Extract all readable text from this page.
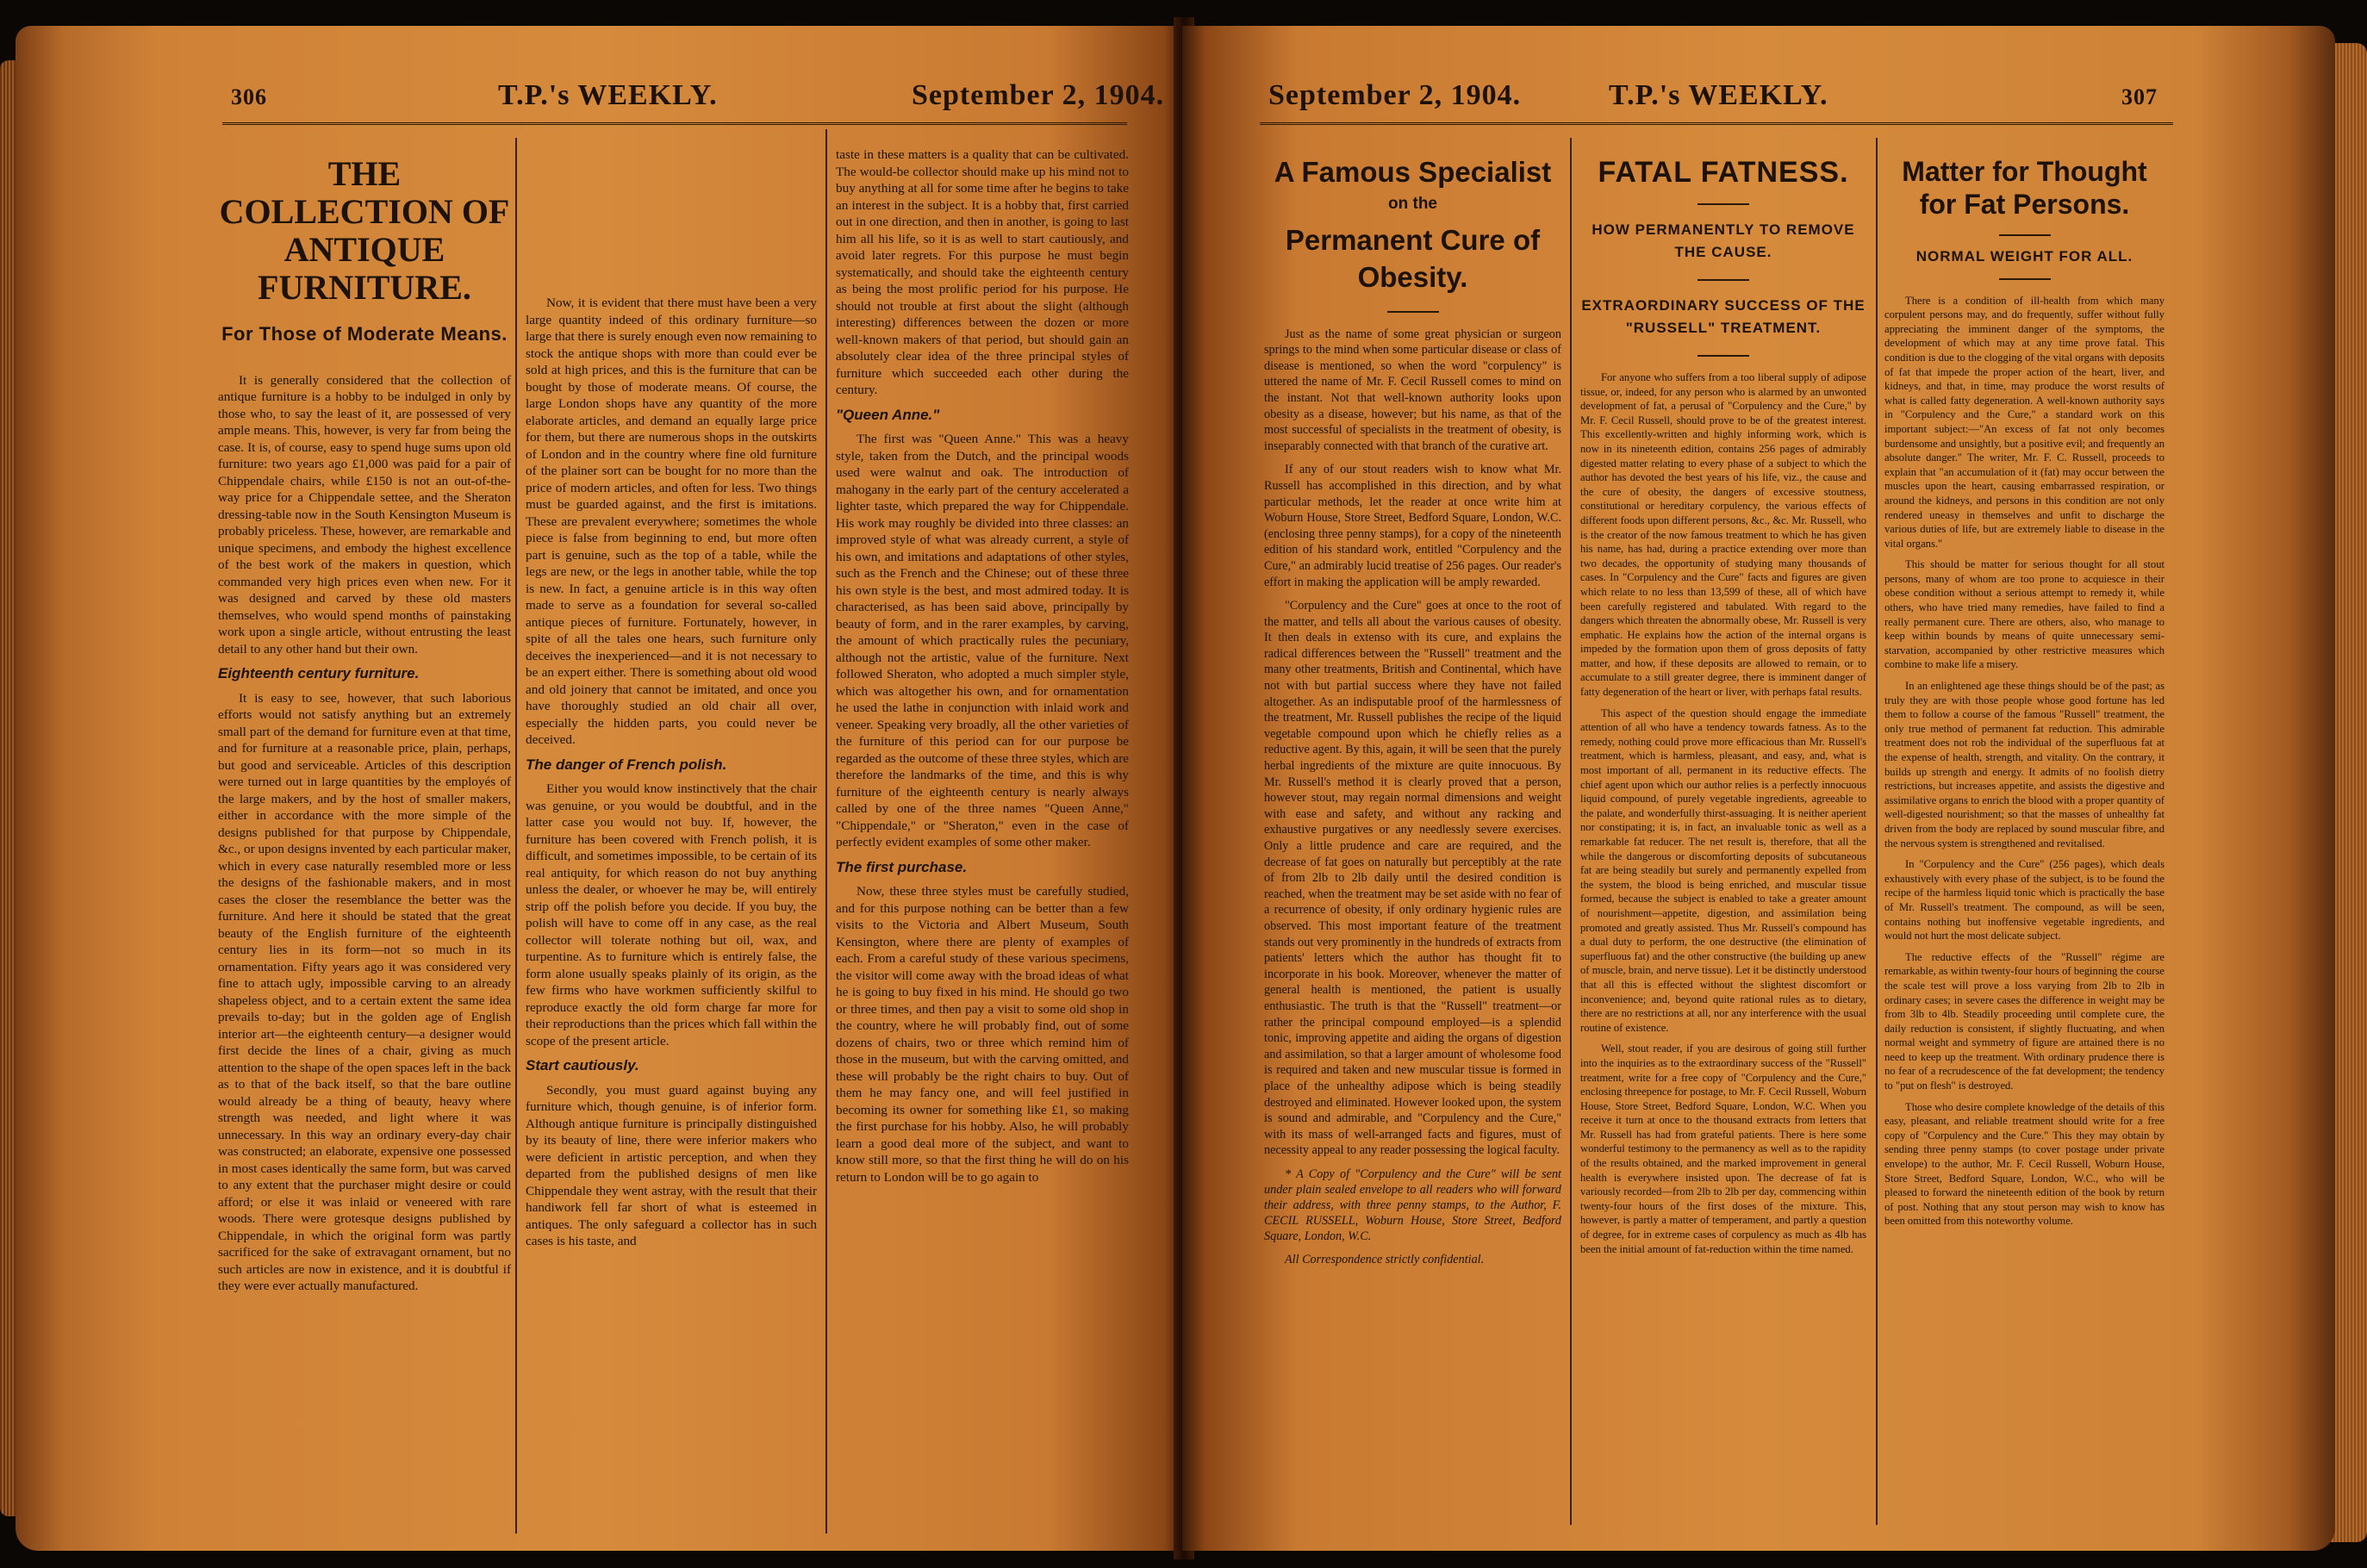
306	T.P.'s WEEKLY.	September 2, 1904.
THE COLLECTION OF ANTIQUE FURNITURE.
For Those of Moderate Means.

It is generally considered that the collection of antique furniture is a hobby to be indulged in only by those who, to say the least of it, are possessed of very ample means. This, however, is very far from being the case. It is, of course, easy to spend huge sums upon old furniture: two years ago £1,000 was paid for a pair of Chippendale chairs, while £150 is not an out-of-the-way price for a Chippendale settee, and the Sheraton dressing-table now in the South Kensington Museum is probably priceless. These, however, are remarkable and unique specimens, and embody the highest excellence of the best work of the makers in question, which commanded very high prices even when new. For it was designed and carved by these old masters themselves, who would spend months of painstaking work upon a single article, without entrusting the least detail to any other hand but their own.

Eighteenth century furniture.

It is easy to see, however, that such laborious efforts would not satisfy anything but an extremely small part of the demand for furniture even at that time, and for furniture at a reasonable price, plain, perhaps, but good and serviceable. Articles of this description were turned out in large quantities by the employés of the large makers, and by the host of smaller makers, either in accordance with the more simple of the designs published for that purpose by Chippendale, &c., or upon designs invented by each particular maker, which in every case naturally resembled more or less the designs of the fashionable makers, and in most cases the closer the resemblance the better was the furniture. And here it should be stated that the great beauty of the English furniture of the eighteenth century lies in its form—not so much in its ornamentation. Fifty years ago it was considered very fine to attach ugly, impossible carving to an already shapeless object, and to a certain extent the same idea prevails to-day; but in the golden age of English interior art—the eighteenth century—a designer would first decide the lines of a chair, giving as much attention to the shape of the open spaces left in the back as to that of the back itself, so that the bare outline would already be a thing of beauty, heavy where strength was needed, and light where it was unnecessary. In this way an ordinary every-day chair was constructed; an elaborate, expensive one possessed in most cases identically the same form, but was carved to any extent that the purchaser might desire or could afford; or else it was inlaid or veneered with rare woods. There were grotesque designs published by Chippendale, in which the original form was partly sacrificed for the sake of extravagant ornament, but no such articles are now in existence, and it is doubtful if they were ever actually manufactured.

Now, it is evident that there must have been a very large quantity indeed of this ordinary furniture—so large that there is surely enough even now remaining to stock the antique shops with more than could ever be sold at high prices, and this is the furniture that can be bought by those of moderate means. Of course, the large London shops have any quantity of the more elaborate articles, and demand an equally large price for them, but there are numerous shops in the outskirts of London and in the country where fine old furniture of the plainer sort can be bought for no more than the price of modern articles, and often for less. Two things must be guarded against, and the first is imitations. These are prevalent everywhere; sometimes the whole piece is false from beginning to end, but more often part is genuine, such as the top of a table, while the legs are new, or the legs in another table, while the top is new. In fact, a genuine article is in this way often made to serve as a foundation for several so-called antique pieces of furniture. Fortunately, however, in spite of all the tales one hears, such furniture only deceives the inexperienced—and it is not necessary to be an expert either. There is something about old wood and old joinery that cannot be imitated, and once you have thoroughly studied an old chair all over, especially the hidden parts, you could never be deceived.

The danger of French polish.

Either you would know instinctively that the chair was genuine, or you would be doubtful, and in the latter case you would not buy. If, however, the furniture has been covered with French polish, it is difficult, and sometimes impossible, to be certain of its real antiquity, for which reason do not buy anything unless the dealer, or whoever he may be, will entirely strip off the polish before you decide. If you buy, the polish will have to come off in any case, as the real collector will tolerate nothing but oil, wax, and turpentine. As to furniture which is entirely false, the form alone usually speaks plainly of its origin, as the few firms who have workmen sufficiently skilful to reproduce exactly the old form charge far more for their reproductions than the prices which fall within the scope of the present article.

Start cautiously.

Secondly, you must guard against buying any furniture which, though genuine, is of inferior form. Although antique furniture is principally distinguished by its beauty of line, there were inferior makers who were deficient in artistic perception, and when they departed from the published designs of men like Chippendale they went astray, with the result that their handiwork fell far short of what is esteemed in antiques. The only safeguard a collector has in such cases is his taste, and

taste in these matters is a quality that can be cultivated. The would-be collector should make up his mind not to buy anything at all for some time after he begins to take an interest in the subject. It is a hobby that, first carried out in one direction, and then in another, is going to last him all his life, so it is as well to start cautiously, and avoid later regrets. For this purpose he must begin systematically, and should take the eighteenth century as being the most prolific period for his purpose. He should not trouble at first about the slight (although interesting) differences between the dozen or more well-known makers of that period, but should gain an absolutely clear idea of the three principal styles of furniture which succeeded each other during the century.

"Queen Anne."

The first was "Queen Anne." This was a heavy style, taken from the Dutch, and the principal woods used were walnut and oak. The introduction of mahogany in the early part of the century accelerated a lighter taste, which prepared the way for Chippendale. His work may roughly be divided into three classes: an improved style of what was already current, a style of his own, and imitations and adaptations of other styles, such as the French and the Chinese; out of these three his own style is the best, and most admired today. It is characterised, as has been said above, principally by beauty of form, and in the rarer examples, by carving, the amount of which practically rules the pecuniary, although not the artistic, value of the furniture. Next followed Sheraton, who adopted a much simpler style, which was altogether his own, and for ornamentation he used the lathe in conjunction with inlaid work and veneer. Speaking very broadly, all the other varieties of the furniture of this period can for our purpose be regarded as the outcome of these three styles, which are therefore the landmarks of the time, and this is why furniture of the eighteenth century is nearly always called by one of the three names "Queen Anne," "Chippendale," or "Sheraton," even in the case of perfectly evident examples of some other maker.

The first purchase.

Now, these three styles must be carefully studied, and for this purpose nothing can be better than a few visits to the Victoria and Albert Museum, South Kensington, where there are plenty of examples of each. From a careful study of these various specimens, the visitor will come away with the broad ideas of what he is going to buy fixed in his mind. He should go two or three times, and then pay a visit to some old shop in the country, where he will probably find, out of some dozens of chairs, two or three which remind him of those in the museum, but with the carving omitted, and these will probably be the right chairs to buy. Out of them he may fancy one, and will feel justified in becoming its owner for something like £1, so making the first purchase for his hobby. Also, he will probably learn a good deal more of the subject, and want to know still more, so that the first thing he will do on his return to London will be to go again to

September 2, 1904.	T.P.'s WEEKLY.	307
A Famous Specialist
on the
Permanent Cure of
Obesity.

Just as the name of some great physician or surgeon springs to the mind when some particular disease or class of disease is mentioned, so when the word "corpulency" is uttered the name of Mr. F. Cecil Russell comes to mind on the instant. Not that well-known authority looks upon obesity as a disease, however; but his name, as that of the most successful of specialists in the treatment of obesity, is inseparably connected with that branch of the curative art.

If any of our stout readers wish to know what Mr. Russell has accomplished in this direction, and by what particular methods, let the reader at once write him at Woburn House, Store Street, Bedford Square, London, W.C. (enclosing three penny stamps), for a copy of the nineteenth edition of his standard work, entitled "Corpulency and the Cure," an admirably lucid treatise of 256 pages. Our reader's effort in making the application will be amply rewarded.

"Corpulency and the Cure" goes at once to the root of the matter, and tells all about the various causes of obesity. It then deals in extenso with its cure, and explains the radical differences between the "Russell" treatment and the many other treatments, British and Continental, which have not with but partial success where they have not failed altogether. As an indisputable proof of the harmlessness of the treatment, Mr. Russell publishes the recipe of the liquid vegetable compound upon which he chiefly relies as a reductive agent. By this, again, it will be seen that the purely herbal ingredients of the mixture are quite innocuous. By Mr. Russell's method it is clearly proved that a person, however stout, may regain normal dimensions and weight with ease and safety, and without any racking and exhaustive purgatives or any needlessly severe exercises. Only a little prudence and care are required, and the decrease of fat goes on naturally but perceptibly at the rate of from 2lb to 2lb daily until the desired condition is reached, when the treatment may be set aside with no fear of a recurrence of obesity, if only ordinary hygienic rules are observed. This most important feature of the treatment stands out very prominently in the hundreds of extracts from patients' letters which the author has thought fit to incorporate in his book. Moreover, whenever the matter of general health is mentioned, the patient is usually enthusiastic. The truth is that the "Russell" treatment—or rather the principal compound employed—is a splendid tonic, improving appetite and aiding the organs of digestion and assimilation, so that a larger amount of wholesome food is required and taken and new muscular tissue is formed in place of the unhealthy adipose which is being steadily destroyed and eliminated. However looked upon, the system is sound and admirable, and "Corpulency and the Cure," with its mass of well-arranged facts and figures, must of necessity appeal to any reader possessing the logical faculty.

* A Copy of "Corpulency and the Cure" will be sent under plain sealed envelope to all readers who will forward their address, with three penny stamps, to the Author, F. CECIL RUSSELL, Woburn House, Store Street, Bedford Square, London, W.C.

All Correspondence strictly confidential.

FATAL FATNESS.
HOW PERMANENTLY TO REMOVE THE CAUSE.
EXTRAORDINARY SUCCESS OF THE "RUSSELL" TREATMENT.

For anyone who suffers from a too liberal supply of adipose tissue, or, indeed, for any person who is alarmed by an unwonted development of fat, a perusal of "Corpulency and the Cure," by Mr. F. Cecil Russell, should prove to be of the greatest interest. This excellently-written and highly informing work, which is now in its nineteenth edition, contains 256 pages of admirably digested matter relating to every phase of a subject to which the author has devoted the best years of his life, viz., the cause and the cure of obesity, the dangers of excessive stoutness, constitutional or hereditary corpulency, the various effects of different foods upon different persons, &c., &c. Mr. Russell, who is the creator of the now famous treatment to which he has given his name, has had, during a practice extending over more than two decades, the opportunity of studying many thousands of cases. In "Corpulency and the Cure" facts and figures are given which relate to no less than 13,599 of these, all of which have been carefully registered and tabulated. With regard to the dangers which threaten the abnormally obese, Mr. Russell is very emphatic. He explains how the action of the internal organs is impeded by the formation upon them of gross deposits of fatty matter, and how, if these deposits are allowed to remain, or to accumulate to a still greater degree, there is imminent danger of fatty degeneration of the heart or liver, with perhaps fatal results.

This aspect of the question should engage the immediate attention of all who have a tendency towards fatness. As to the remedy, nothing could prove more efficacious than Mr. Russell's treatment, which is harmless, pleasant, and easy, and, what is most important of all, permanent in its reductive effects. The chief agent upon which our author relies is a perfectly innocuous liquid compound, of purely vegetable ingredients, agreeable to the palate, and wonderfully thirst-assuaging. It is neither aperient nor constipating; it is, in fact, an invaluable tonic as well as a remarkable fat reducer. The net result is, therefore, that all the while the dangerous or discomforting deposits of subcutaneous fat are being steadily but surely and permanently expelled from the system, the blood is being enriched, and muscular tissue formed, because the subject is enabled to take a greater amount of nourishment—appetite, digestion, and assimilation being promoted and greatly assisted. Thus Mr. Russell's compound has a dual duty to perform, the one destructive (the elimination of superfluous fat) and the other constructive (the building up anew of muscle, brain, and nerve tissue). Let it be distinctly understood that all this is effected without the slightest discomfort or inconvenience; and, beyond quite rational rules as to dietary, there are no restrictions at all, nor any interference with the usual routine of existence.

Well, stout reader, if you are desirous of going still further into the inquiries as to the extraordinary success of the "Russell" treatment, write for a free copy of "Corpulency and the Cure," enclosing threepence for postage, to Mr. F. Cecil Russell, Woburn House, Store Street, Bedford Square, London, W.C. When you receive it turn at once to the thousand extracts from letters that Mr. Russell has had from grateful patients. There is here some wonderful testimony to the permanency as well as to the rapidity of the results obtained, and the marked improvement in general health is everywhere insisted upon. The decrease of fat is variously recorded—from 2lb to 2lb per day, commencing within twenty-four hours of the first doses of the mixture. This, however, is partly a matter of temperament, and partly a question of degree, for in extreme cases of corpulency as much as 4lb has been the initial amount of fat-reduction within the time named.

Matter for Thought for Fat Persons.
NORMAL WEIGHT FOR ALL.

There is a condition of ill-health from which many corpulent persons may, and do frequently, suffer without fully appreciating the imminent danger of the symptoms, the development of which may at any time prove fatal. This condition is due to the clogging of the vital organs with deposits of fat that impede the proper action of the heart, liver, and kidneys, and that, in time, may produce the worst results of what is called fatty degeneration. A well-known authority says in "Corpulency and the Cure," a standard work on this important subject:—"An excess of fat not only becomes burdensome and unsightly, but a positive evil; and frequently an absolute danger." The writer, Mr. F. C. Russell, proceeds to explain that "an accumulation of it (fat) may occur between the muscles upon the heart, causing embarrassed respiration, or around the kidneys, and persons in this condition are not only rendered uneasy in themselves and unfit to discharge the various duties of life, but are extremely liable to disease in the vital organs."

This should be matter for serious thought for all stout persons, many of whom are too prone to acquiesce in their obese condition without a serious attempt to remedy it, while others, who have tried many remedies, have failed to find a really permanent cure. There are others, also, who manage to keep within bounds by means of quite unnecessary semi-starvation, accompanied by other restrictive measures which combine to make life a misery.

In an enlightened age these things should be of the past; as truly they are with those people whose good fortune has led them to follow a course of the famous "Russell" treatment, the only true method of permanent fat reduction. This admirable treatment does not rob the individual of the superfluous fat at the expense of health, strength, and vitality. On the contrary, it builds up strength and energy. It admits of no foolish dietry restrictions, but increases appetite, and assists the digestive and assimilative organs to enrich the blood with a proper quantity of well-digested nourishment; so that the masses of unhealthy fat driven from the body are replaced by sound muscular fibre, and the nervous system is strengthened and revitalised.

In "Corpulency and the Cure" (256 pages), which deals exhaustively with every phase of the subject, is to be found the recipe of the harmless liquid tonic which is practically the base of Mr. Russell's treatment. The compound, as will be seen, contains nothing but inoffensive vegetable ingredients, and would not hurt the most delicate subject.

The reductive effects of the "Russell" régime are remarkable, as within twenty-four hours of beginning the course the scale test will prove a loss varying from 2lb to 2lb in ordinary cases; in severe cases the difference in weight may be from 3lb to 4lb. Steadily proceeding until complete cure, the daily reduction is consistent, if slightly fluctuating, and when normal weight and symmetry of figure are attained there is no need to keep up the treatment. With ordinary prudence there is no fear of a recrudescence of the fat development; the tendency to "put on flesh" is destroyed.

Those who desire complete knowledge of the details of this easy, pleasant, and reliable treatment should write for a free copy of "Corpulency and the Cure." This they may obtain by sending three penny stamps (to cover postage under private envelope) to the author, Mr. F. Cecil Russell, Woburn House, Store Street, Bedford Square, London, W.C., who will be pleased to forward the nineteenth edition of the book by return of post. Nothing that any stout person may wish to know has been omitted from this noteworthy volume.
